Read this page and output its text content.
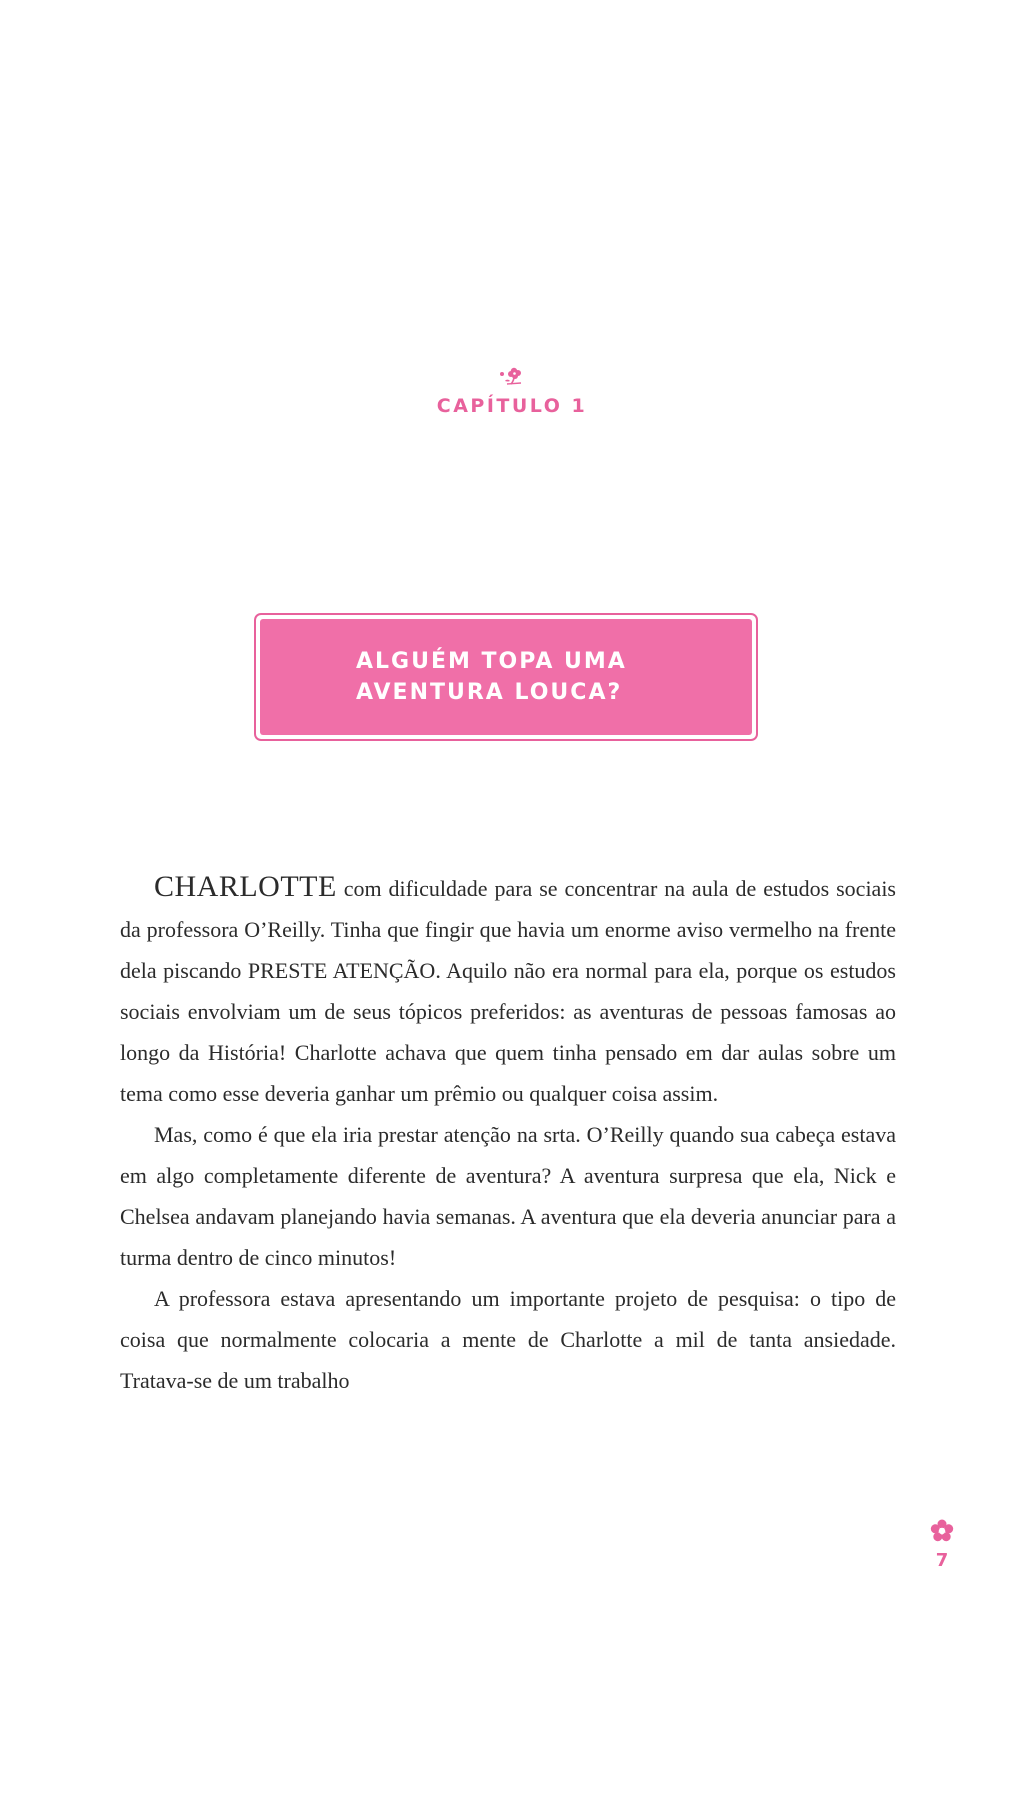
CAPÍTULO 1
ALGUÉM TOPA UMA
AVENTURA LOUCA?

CHARLOTTE com dificuldade para se concentrar na aula de estudos sociais da professora O’Reilly. Tinha que fingir que havia um enorme aviso vermelho na frente dela piscando PRESTE ATENÇÃO. Aquilo não era normal para ela, porque os estudos sociais envolviam um de seus tópicos preferidos: as aventuras de pessoas famosas ao longo da História! Charlotte achava que quem tinha pensado em dar aulas sobre um tema como esse deveria ganhar um prêmio ou qualquer coisa assim.

Mas, como é que ela iria prestar atenção na srta. O’Reilly quando sua cabeça estava em algo completamente diferente de aventura? A aventura surpresa que ela, Nick e Chelsea andavam planejando havia semanas. A aventura que ela deveria anunciar para a turma dentro de cinco minutos!

A professora estava apresentando um importante projeto de pesquisa: o tipo de coisa que normalmente colocaria a mente de Charlotte a mil de tanta ansiedade. Tratava-se de um trabalho

7
